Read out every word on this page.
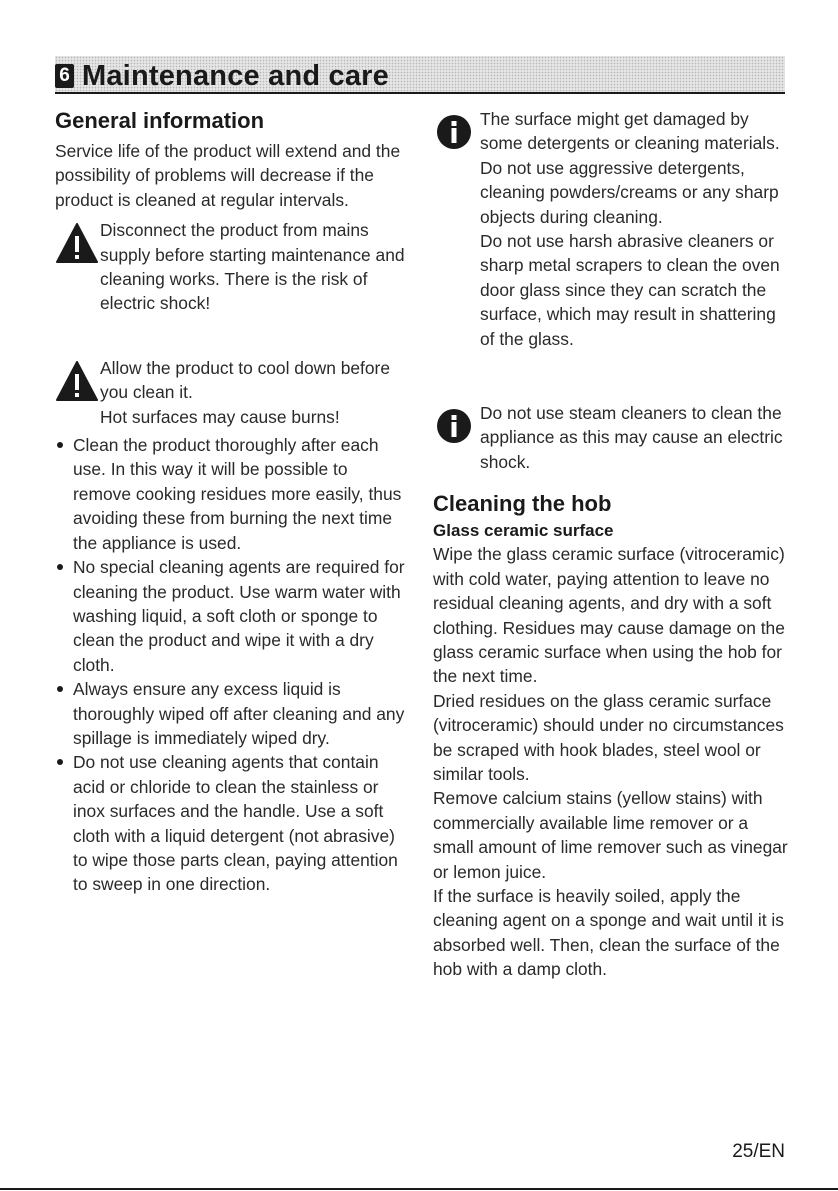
6 Maintenance and care
General information

Service life of the product will extend and the possibility of problems will decrease if the product is cleaned at regular intervals.

Disconnect the product from mains supply before starting maintenance and cleaning works. There is the risk of electric shock!

Allow the product to cool down before you clean it.

Hot surfaces may cause burns!

Clean the product thoroughly after each use. In this way it will be possible to remove cooking residues more easily, thus avoiding these from burning the next time the appliance is used.
No special cleaning agents are required for cleaning the product. Use warm water with washing liquid, a soft cloth or sponge to clean the product and wipe it with a dry cloth.
Always ensure any excess liquid is thoroughly wiped off after cleaning and any spillage is immediately wiped dry.
Do not use cleaning agents that contain acid or chloride to clean the stainless or inox surfaces and the handle. Use a soft cloth with a liquid detergent (not abrasive) to wipe those parts clean, paying attention to sweep in one direction.

The surface might get damaged by some detergents or cleaning materials.

Do not use aggressive detergents, cleaning powders/creams or any sharp objects during cleaning.

Do not use harsh abrasive cleaners or sharp metal scrapers to clean the oven door glass since they can scratch the surface, which may result in shattering of the glass.

Do not use steam cleaners to clean the appliance as this may cause an electric shock.

Cleaning the hob
Glass ceramic surface

Wipe the glass ceramic surface (vitroceramic) with cold water, paying attention to leave no residual cleaning agents, and dry with a soft clothing. Residues may cause damage on the glass ceramic surface when using the hob for the next time.

Dried residues on the glass ceramic surface (vitroceramic) should under no circumstances be scraped with hook blades, steel wool or similar tools.

Remove calcium stains (yellow stains) with commercially available lime remover or a small amount of lime remover such as vinegar or lemon juice.

If the surface is heavily soiled, apply the cleaning agent on a sponge and wait until it is absorbed well. Then, clean the surface of the hob with a damp cloth.

25/EN
